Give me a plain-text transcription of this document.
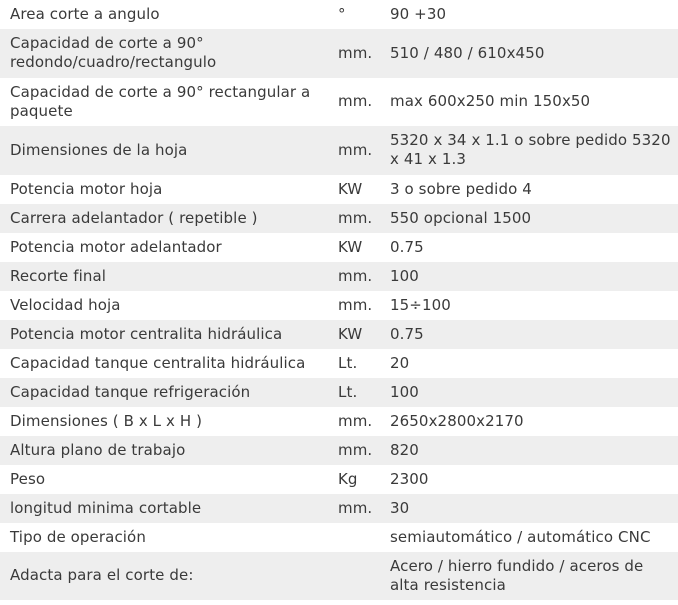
Area corte a angulo	°	90 +30
Capacidad de corte a 90° redondo/cuadro/rectangulo	mm.	510 / 480 / 610x450
Capacidad de corte a 90° rectangular a paquete	mm.	max 600x250 min 150x50
Dimensiones de la hoja	mm.	5320 x 34 x 1.1 o sobre pedido 5320 x 41 x 1.3
Potencia motor hoja	KW	3 o sobre pedido 4
Carrera adelantador ( repetible )	mm.	550 opcional 1500
Potencia motor adelantador	KW	0.75
Recorte final	mm.	100
Velocidad hoja	mm.	15÷100
Potencia motor centralita hidráulica	KW	0.75
Capacidad tanque centralita hidráulica	Lt.	20
Capacidad tanque refrigeración	Lt.	100
Dimensiones ( B x L x H )	mm.	2650x2800x2170
Altura plano de trabajo	mm.	820
Peso	Kg	2300
longitud minima cortable	mm.	30
Tipo de operación		semiautomático / automático CNC
Adacta para el corte de:		Acero / hierro fundido / aceros de alta resistencia
